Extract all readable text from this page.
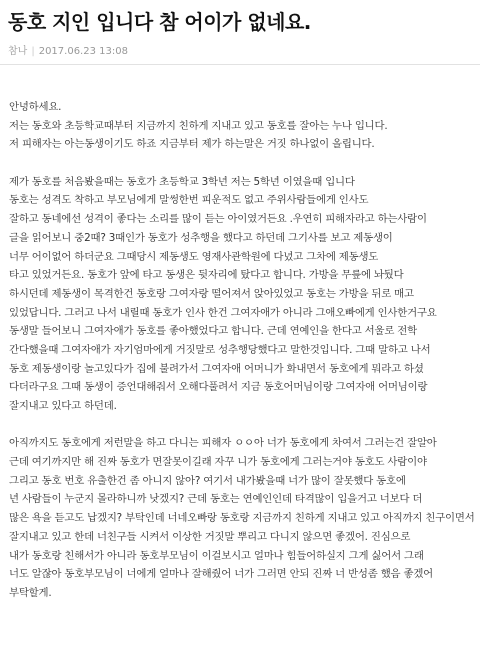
동호 지인 입니다 참 어이가 없네요.
참나 | 2017.06.23 13:08
안녕하세요.
저는 동호와 초등학교때부터 지금까지 친하게 지내고 있고 동호를 잘아는 누나 입니다.
저 피해자는 아는동생이기도 하죠 지금부터 제가 하는말은 거짓 하나없이 올립니다.
제가 동호를 처음봤을때는 동호가 초등학교 3학년 저는 5학년 이였을때 입니다
동호는 성격도 착하고 부모님에게 말썽한번 피운적도 없고 주위사람들에게 인사도
잘하고 동네에선 성격이 좋다는 소리를 많이 듣는 아이였거든요 .우연히 피해자라고 하는사람이
글을 읽어보니 중2때? 3때인가 동호가 성추행을 했다고 하던데 그기사를 보고 제동생이
너무 어이없어 하더군요 그때당시 제동생도 영재사관학원에 다녔고 그차에 제동생도
타고 있었거든요. 동호가 앞에 타고 동생은 뒷자리에 탔다고 합니다. 가방을 무릎에 놔뒀다
하시던데 제동생이 목격한건 동호랑 그여자랑 떨어져서 앉아있었고 동호는 가방을 뒤로 매고
있었답니다. 그러고 나서 내릴때 동호가 인사 한건 그여자애가 아니라 그애오빠에게 인사한거구요
동생말 들어보니 그여자애가 동호를 좋아했었다고 합니다. 근데 연예인을 한다고 서울로 전학
간다했을때 그여자애가 자기엄마에게 거짓말로 성추행당했다고 말한것입니다. 그때 말하고 나서
동호 제동생이랑 놀고있다가 집에 불려가서 그여자애 어머니가 화내면서 동호에게 뭐라고 하셨
다더라구요 그때 동생이 증언대해줘서 오해다풀려서 지금 동호어머님이랑 그여자애 어머님이랑
잘지내고 있다고 하던데.
아직까지도 동호에게 저런말을 하고 다니는 피해자 ㅇㅇ아 너가 동호에게 차여서 그러는건 잘알아
근데 여기까지만 해 진짜 동호가 면잘못이길래 자꾸 니가 동호에게 그러는거야 동호도 사람이야
그리고 동호 번호 유출한건 좀 아니지 않아? 여기서 내가봤을때 너가 많이 잘못했다 동호에
년 사람들이 누군지 몰라하니까 낫겠지? 근데 동호는 연예인인데 타격많이 입을거고 너보다 더
많은 욕을 듣고도 납겠지? 부탁인데 너네오빠랑 동호랑 지금까지 친하게 지내고 있고 아직까지 친구이면서
잘지내고 있고 한데 너친구들 시켜서 이상한 거짓말 뿌리고 다니지 않으면 좋겠어. 진심으로
내가 동호랑 친해서가 아니라 동호부모님이 이걸보시고 얼마나 힘들어하실지 그게 싫어서 그래
너도 알잖아 동호부모님이 너에게 얼마나 잘해줬어 너가 그러면 안되 진짜 너 반성좀 했음 좋겠어
부탁할게.
